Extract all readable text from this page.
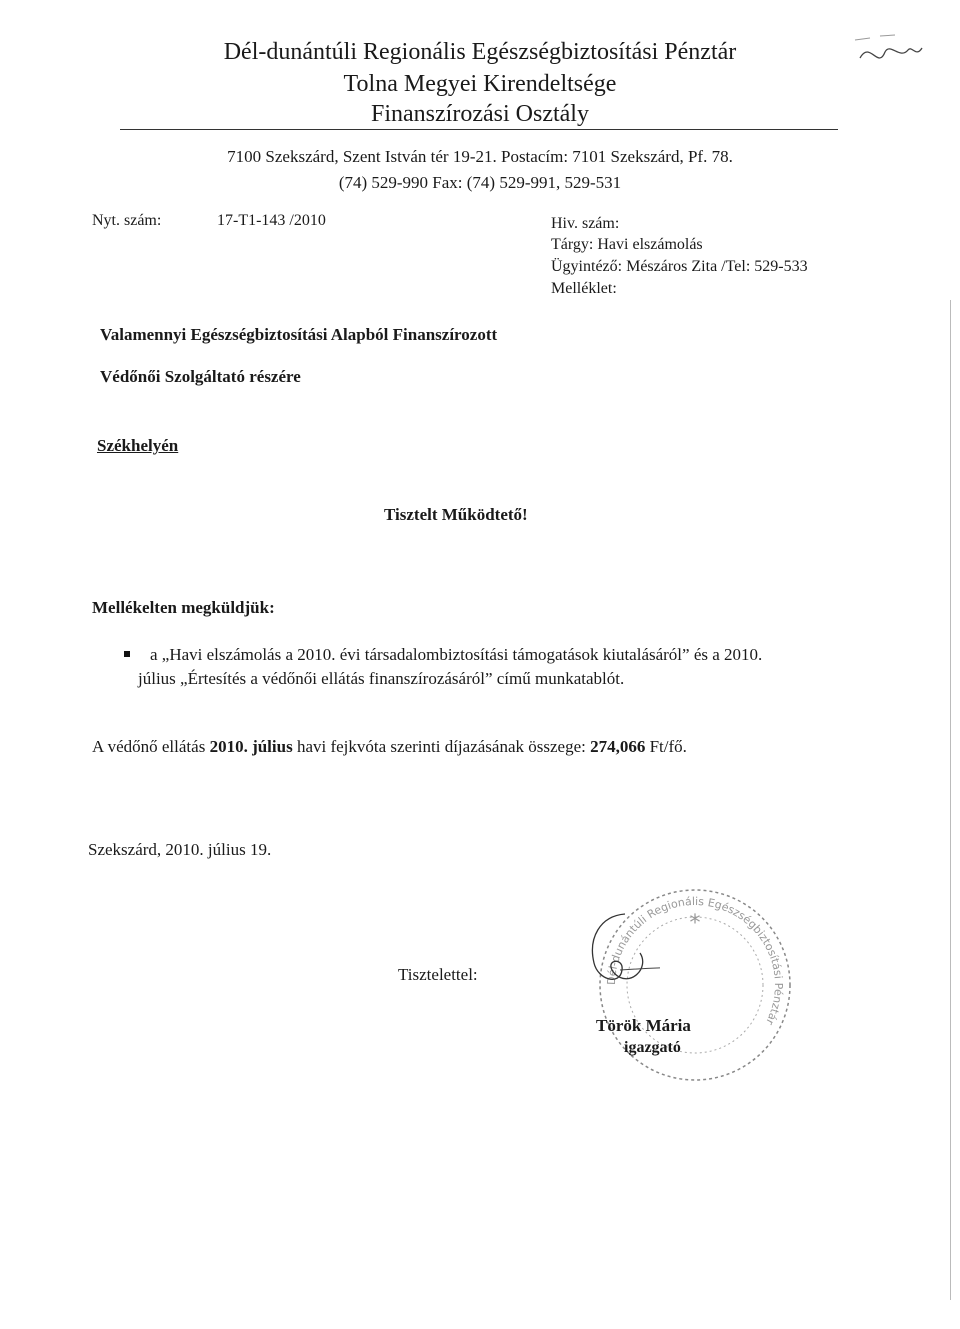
Dél-dunántúli Regionális Egészségbiztosítási Pénztár
Tolna Megyei Kirendeltsége
Finanszírozási Osztály
7100 Szekszárd, Szent István tér 19-21. Postacím: 7101 Szekszárd, Pf. 78.
(74) 529-990 Fax: (74) 529-991, 529-531
Nyt. szám:	17-T1-143 /2010	Hiv. szám:
Tárgy: Havi elszámolás
Ügyintéző: Mészáros Zita /Tel: 529-533
Melléklet:
Valamennyi Egészségbiztosítási Alapból Finanszírozott
Védőnői Szolgáltató részére
Székhelyén
Tisztelt Működtető!
Mellékelten megküldjük:
a „Havi elszámolás a 2010. évi társadalombiztosítási támogatások kiutalásáról” és a 2010.
július „Értesítés a védőnői ellátás finanszírozásáról” című munkatablót.
A védőnő ellátás 2010. július havi fejkvóta szerinti díjazásának összege: 274,066 Ft/fő.
Szekszárd, 2010. július 19.
Tisztelettel:	Dél-dunántúli Regionális Egészségbiztosítási Pénztár
*
Török Mária
igazgató
